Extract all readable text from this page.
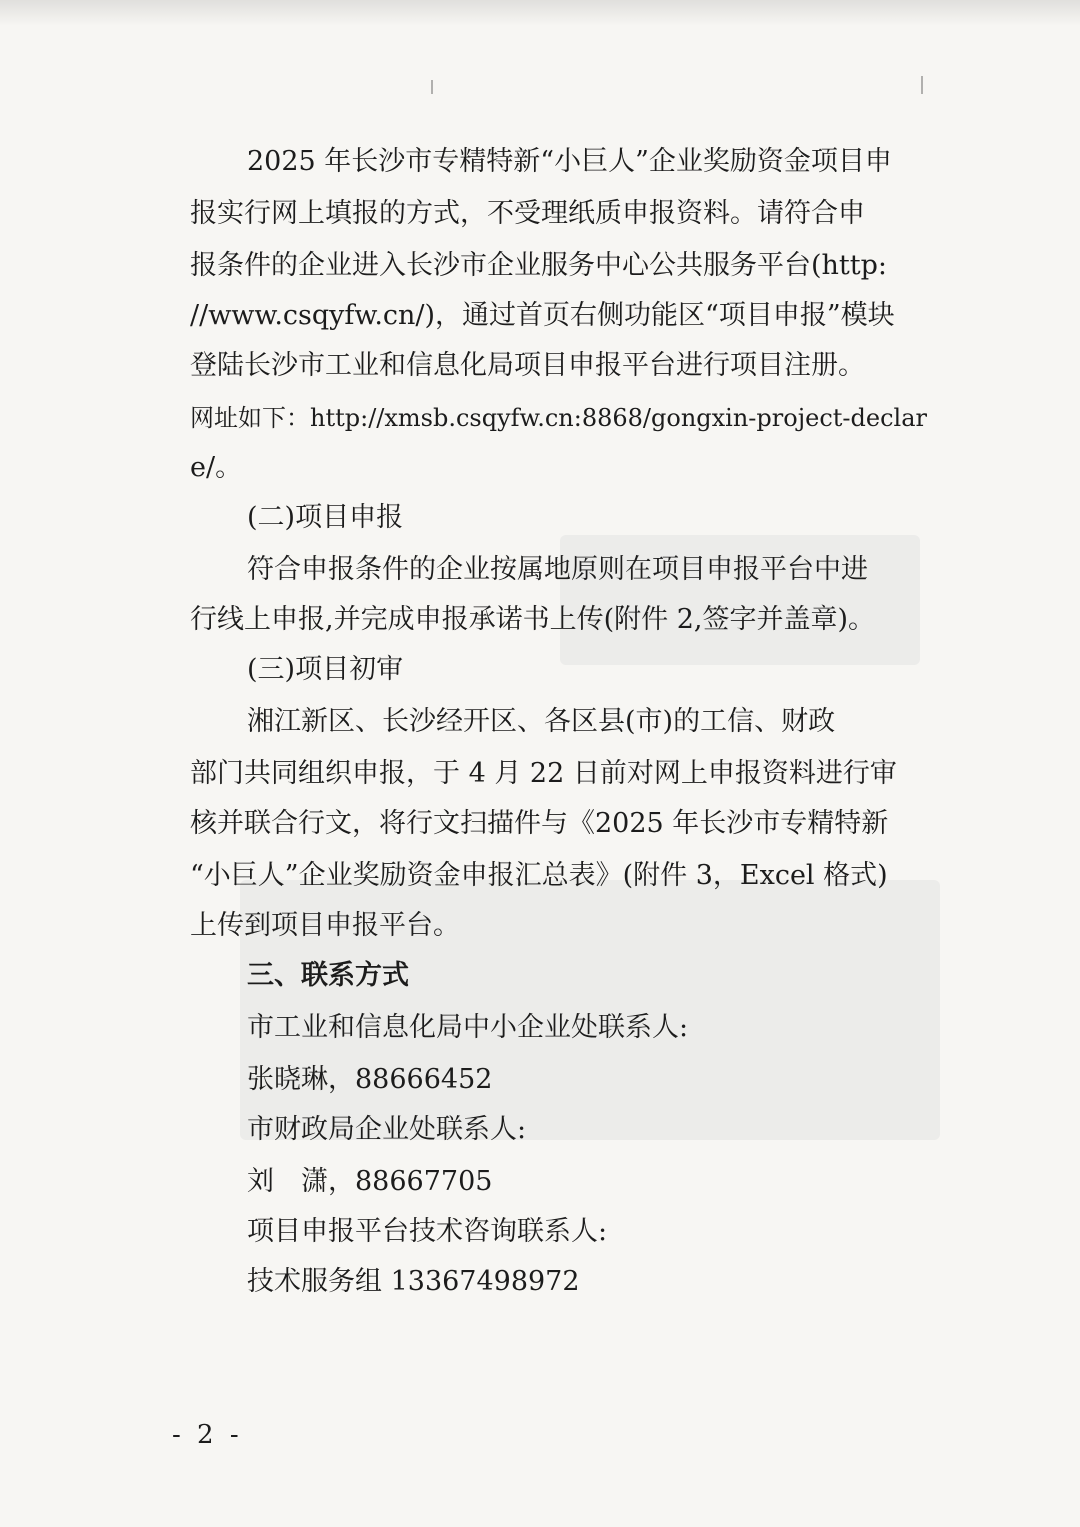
2025 年长沙市专精特新“小巨人”企业奖励资金项目申
报实行网上填报的方式，不受理纸质申报资料。请符合申
报条件的企业进入长沙市企业服务中心公共服务平台(http:
//www.csqyfw.cn/)，通过首页右侧功能区“项目申报”模块
登陆长沙市工业和信息化局项目申报平台进行项目注册。
网址如下：http://xmsb.csqyfw.cn:8868/gongxin-project-declar
e/。
(二)项目申报
符合申报条件的企业按属地原则在项目申报平台中进
行线上申报,并完成申报承诺书上传(附件 2,签字并盖章)。
(三)项目初审
湘江新区、长沙经开区、各区县(市)的工信、财政
部门共同组织申报，于 4 月 22 日前对网上申报资料进行审
核并联合行文，将行文扫描件与《2025 年长沙市专精特新
“小巨人”企业奖励资金申报汇总表》(附件 3，Excel 格式)
上传到项目申报平台。
三、联系方式
市工业和信息化局中小企业处联系人:
张晓琳，88666452
市财政局企业处联系人:
刘　潇，88667705
项目申报平台技术咨询联系人:
技术服务组 13367498972
- 2 -
